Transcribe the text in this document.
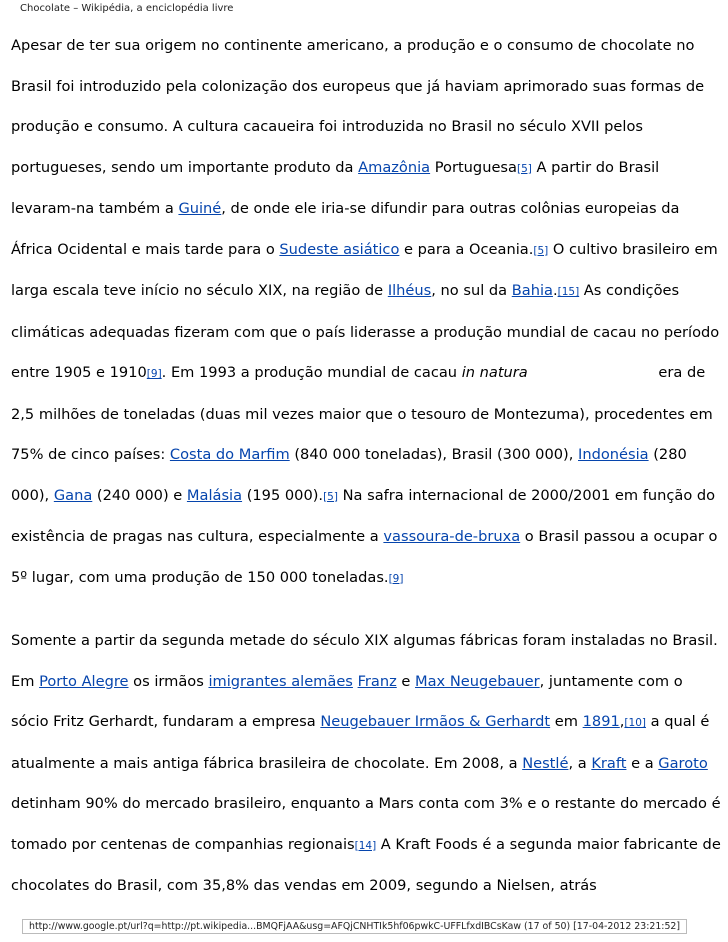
Chocolate – Wikipédia, a enciclopédia livre

Apesar de ter sua origem no continente americano, a produção e o consumo de chocolate no Brasil foi introduzido pela colonização dos europeus que já haviam aprimorado suas formas de produção e consumo. A cultura cacaueira foi introduzida no Brasil no século XVII pelos portugueses, sendo um importante produto da Amazônia Portuguesa[5] A partir do Brasil levaram-na também a Guiné, de onde ele iria-se difundir para outras colônias europeias da África Ocidental e mais tarde para o Sudeste asiático e para a Oceania.[5] O cultivo brasileiro em larga escala teve início no século XIX, na região de Ilhéus, no sul da Bahia.[15] As condições climáticas adequadas fizeram com que o país liderasse a produção mundial de cacau no período entre 1905 e 1910[9]. Em 1993 a produção mundial de cacau in natura	era de 2,5 milhões de toneladas (duas mil vezes maior que o tesouro de Montezuma), procedentes em 75% de cinco países: Costa do Marfim (840 000 toneladas), Brasil (300 000), Indonésia (280 000), Gana (240 000) e Malásia (195 000).[5] Na safra internacional de 2000/2001 em função do existência de pragas nas cultura, especialmente a vassoura-de-bruxa o Brasil passou a ocupar o 5º lugar, com uma produção de 150 000 toneladas.[9]

Somente a partir da segunda metade do século XIX algumas fábricas foram instaladas no Brasil. Em Porto Alegre os irmãos imigrantes alemães Franz e Max Neugebauer, juntamente com o sócio Fritz Gerhardt, fundaram a empresa Neugebauer Irmãos & Gerhardt em 1891,[10] a qual é atualmente a mais antiga fábrica brasileira de chocolate. Em 2008, a Nestlé, a Kraft e a Garoto detinham 90% do mercado brasileiro, enquanto a Mars conta com 3% e o restante do mercado é tomado por centenas de companhias regionais[14] A Kraft Foods é a segunda maior fabricante de chocolates do Brasil, com 35,8% das vendas em 2009, segundo a Nielsen, atrás

http://www.google.pt/url?q=http://pt.wikipedia...BMQFjAA&usg=AFQjCNHTIk5hf06pwkC-UFFLfxdIBCsKaw (17 of 50) [17-04-2012 23:21:52]
